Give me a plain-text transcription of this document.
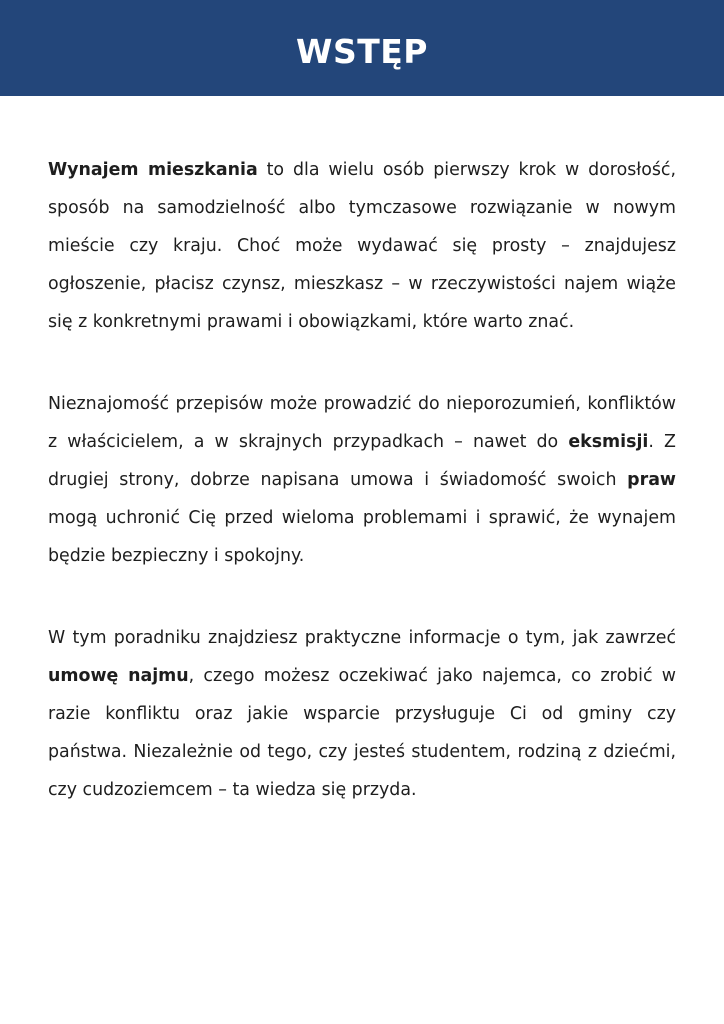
WSTĘP

Wynajem mieszkania to dla wielu osób pierwszy krok w dorosłość, sposób na samodzielność albo tymczasowe rozwiązanie w nowym mieście czy kraju. Choć może wydawać się prosty – znajdujesz ogłoszenie, płacisz czynsz, mieszkasz – w rzeczywistości najem wiąże się z konkretnymi prawami i obowiązkami, które warto znać.

Nieznajomość przepisów może prowadzić do nieporozumień, konfliktów z właścicielem, a w skrajnych przypadkach – nawet do eksmisji. Z drugiej strony, dobrze napisana umowa i świadomość swoich praw mogą uchronić Cię przed wieloma problemami i sprawić, że wynajem będzie bezpieczny i spokojny.

W tym poradniku znajdziesz praktyczne informacje o tym, jak zawrzeć umowę najmu, czego możesz oczekiwać jako najemca, co zrobić w razie konfliktu oraz jakie wsparcie przysługuje Ci od gminy czy państwa. Niezależnie od tego, czy jesteś studentem, rodziną z dziećmi, czy cudzoziemcem – ta wiedza się przyda.
